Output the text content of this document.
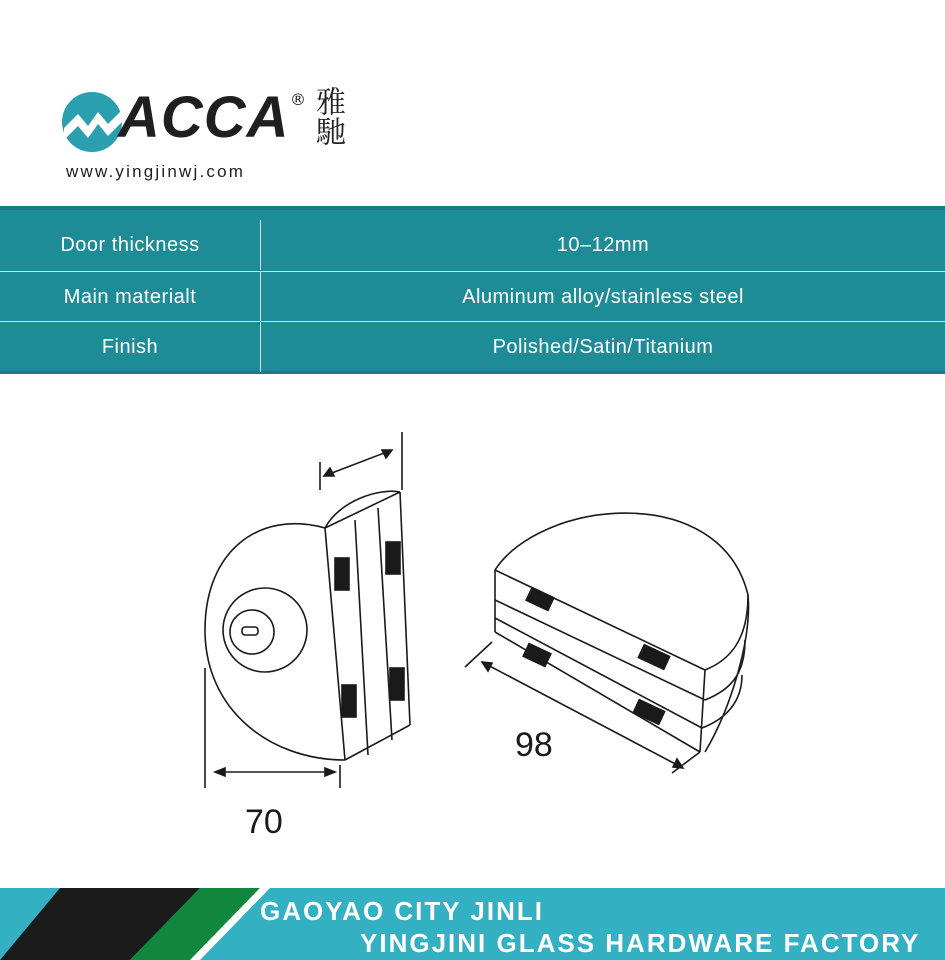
ACCA ® 雅馳
www.yingjinwj.com
Door thickness	10–12mm
Main materialt	Aluminum alloy/stainless steel
Finish	Polished/Satin/Titanium
70
98
GAOYAO CITY JINLI
YINGJINI GLASS HARDWARE FACTORY
